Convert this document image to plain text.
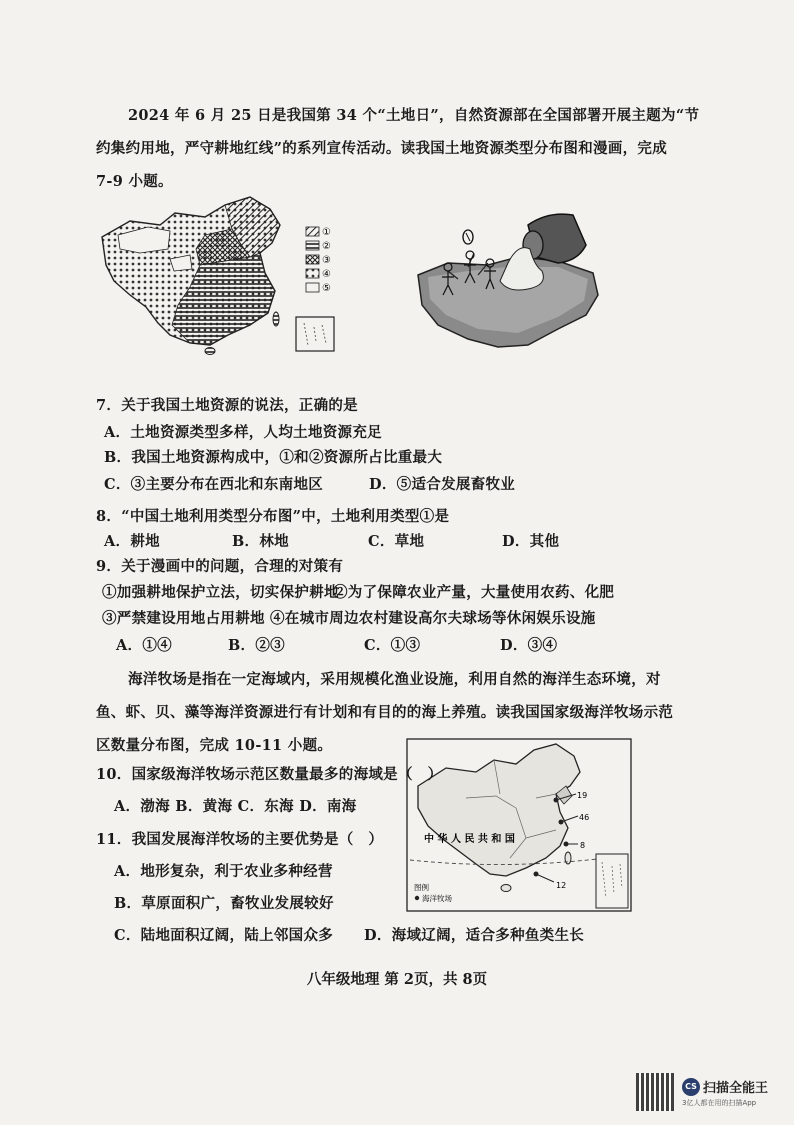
2024 年 6 月 25 日是我国第 34 个“土地日”，自然资源部在全国部署开展主题为“节
约集约用地，严守耕地红线”的系列宣传活动。读我国土地资源类型分布图和漫画，完成
7-9 小题。
①
②
③
④
⑤
7．关于我国土地资源的说法，正确的是
A．土地资源类型多样，人均土地资源充足
B．我国土地资源构成中，①和②资源所占比重最大
C．③主要分布在西北和东南地区	D．⑤适合发展畜牧业
8．“中国土地利用类型分布图”中，土地利用类型①是
A．耕地	B．林地	C．草地	D．其他
9．关于漫画中的问题，合理的对策有
①加强耕地保护立法，切实保护耕地
②为了保障农业产量，大量使用农药、化肥
③严禁建设用地占用耕地 ④在城市周边农村建设高尔夫球场等休闲娱乐设施
A．①④	B．②③	C．①③	D．③④
海洋牧场是指在一定海域内，采用规模化渔业设施，利用自然的海洋生态环境，对
鱼、虾、贝、藻等海洋资源进行有计划和有目的的海上养殖。读我国国家级海洋牧场示范
区数量分布图，完成 10-11 小题。
中 华 人 民 共 和 国
19
46
8
12
图例
海洋牧场
10．国家级海洋牧场示范区数量最多的海域是（　）
A．渤海 B．黄海 C．东海 D．南海
11．我国发展海洋牧场的主要优势是（　）
A．地形复杂，利于农业多种经营
B．草原面积广，畜牧业发展较好
C．陆地面积辽阔，陆上邻国众多 D．海域辽阔，适合多种鱼类生长
八年级地理 第 2页，共 8页
CS 扫描全能王
3亿人都在用的扫描App
